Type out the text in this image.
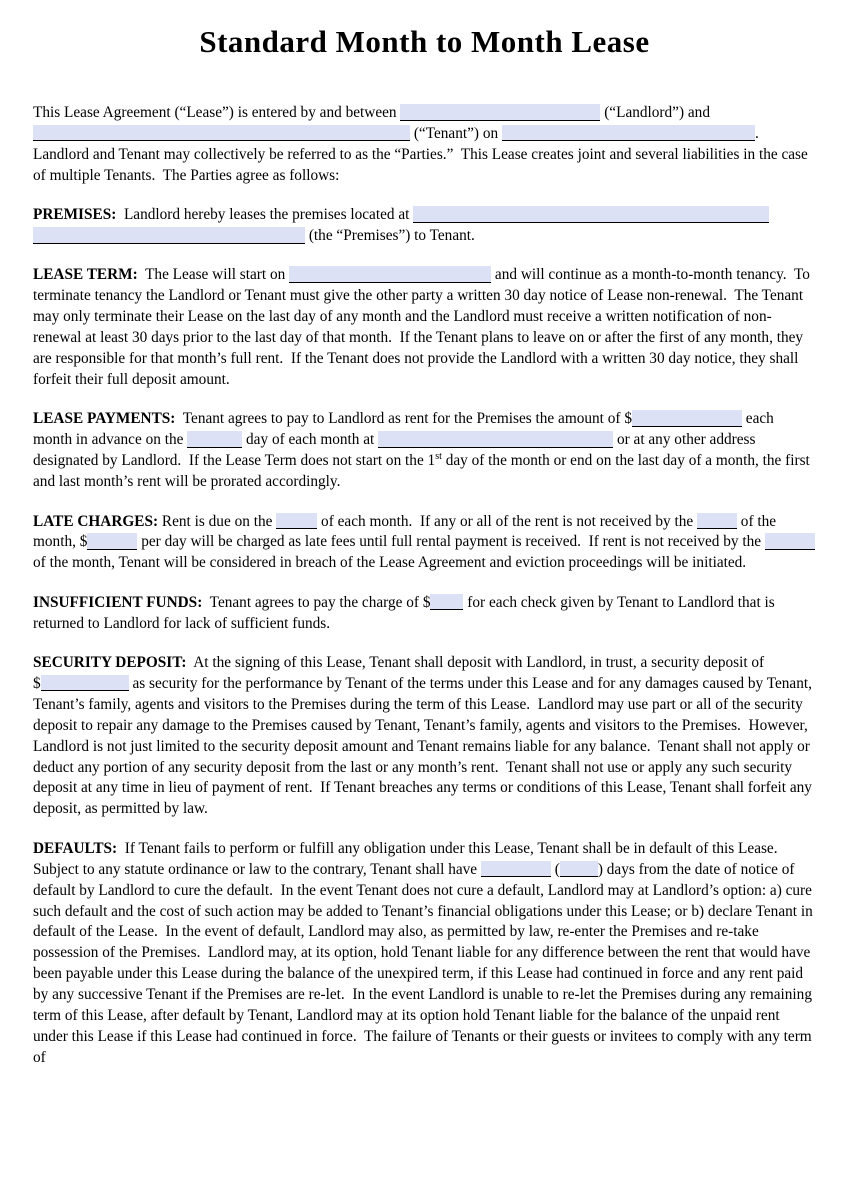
Standard Month to Month Lease

This Lease Agreement (“Lease”) is entered by and between	(“Landlord”) and  (“Tenant”) on	.  Landlord and Tenant may collectively be referred to as the “Parties.”  This Lease creates joint and several liabilities in the case of multiple Tenants.  The Parties agree as follows:

PREMISES:  Landlord hereby leases the premises located at   (the “Premises”) to Tenant.

LEASE TERM:  The Lease will start on	and will continue as a month-to-month tenancy.  To terminate tenancy the Landlord or Tenant must give the other party a written 30 day notice of Lease non-renewal.  The Tenant may only terminate their Lease on the last day of any month and the Landlord must receive a written notification of non-renewal at least 30 days prior to the last day of that month.  If the Tenant plans to leave on or after the first of any month, they are responsible for that month’s full rent.  If the Tenant does not provide the Landlord with a written 30 day notice, they shall forfeit their full deposit amount.

LEASE PAYMENTS:  Tenant agrees to pay to Landlord as rent for the Premises the amount of $	each month in advance on the	day of each month at	or at any other address designated by Landlord.  If the Lease Term does not start on the 1st day of the month or end on the last day of a month, the first and last month’s rent will be prorated accordingly.

LATE CHARGES: Rent is due on the	of each month.  If any or all of the rent is not received by the	of the month, $	per day will be charged as late fees until full rental payment is received.  If rent is not received by the	of the month, Tenant will be considered in breach of the Lease Agreement and eviction proceedings will be initiated.

INSUFFICIENT FUNDS:  Tenant agrees to pay the charge of $ for each check given by Tenant to Landlord that is returned to Landlord for lack of sufficient funds.

SECURITY DEPOSIT:  At the signing of this Lease, Tenant shall deposit with Landlord, in trust, a security deposit of $	as security for the performance by Tenant of the terms under this Lease and for any damages caused by Tenant, Tenant’s family, agents and visitors to the Premises during the term of this Lease.  Landlord may use part or all of the security deposit to repair any damage to the Premises caused by Tenant, Tenant’s family, agents and visitors to the Premises.  However, Landlord is not just limited to the security deposit amount and Tenant remains liable for any balance.  Tenant shall not apply or deduct any portion of any security deposit from the last or any month’s rent.  Tenant shall not use or apply any such security deposit at any time in lieu of payment of rent.  If Tenant breaches any terms or conditions of this Lease, Tenant shall forfeit any deposit, as permitted by law.

DEFAULTS:  If Tenant fails to perform or fulfill any obligation under this Lease, Tenant shall be in default of this Lease.  Subject to any statute ordinance or law to the contrary, Tenant shall have	( ) days from the date of notice of default by Landlord to cure the default.  In the event Tenant does not cure a default, Landlord may at Landlord’s option: a) cure such default and the cost of such action may be added to Tenant’s financial obligations under this Lease; or b) declare Tenant in default of the Lease.  In the event of default, Landlord may also, as permitted by law, re-enter the Premises and re-take possession of the Premises.  Landlord may, at its option, hold Tenant liable for any difference between the rent that would have been payable under this Lease during the balance of the unexpired term, if this Lease had continued in force and any rent paid by any successive Tenant if the Premises are re-let.  In the event Landlord is unable to re-let the Premises during any remaining term of this Lease, after default by Tenant, Landlord may at its option hold Tenant liable for the balance of the unpaid rent under this Lease if this Lease had continued in force.  The failure of Tenants or their guests or invitees to comply with any term of
